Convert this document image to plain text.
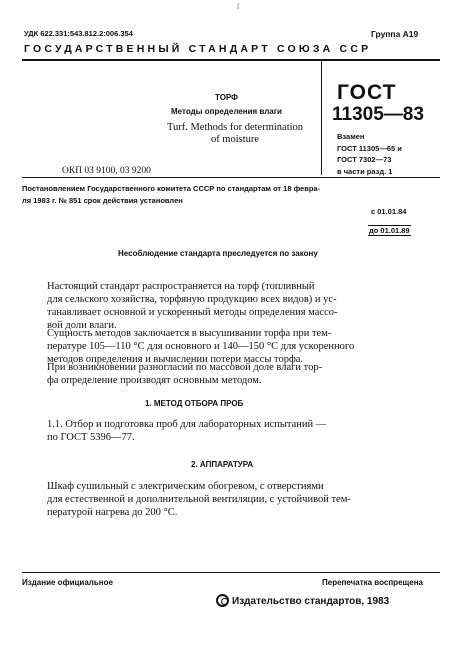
ſ
УДК 622.331:543.812.2:006.354	Группа А19
ГОСУДАРСТВЕННЫЙ СТАНДАРТ СОЮЗА ССР
ТОРФ
Методы определения влаги
Turf. Methods for determination
of moisture
ГОСТ
11305—83
Взамен
ГОСТ 11305—65 и
ГОСТ 7302—73
в части разд. 1
ОКП 03 9100, 03 9200
Постановлением Государственного комитета СССР по стандартам от 18 февра-
ля 1983 г. № 851 срок действия установлен
с 01.01.84
до 01.01.89
Несоблюдение стандарта преследуется по закону
Настоящий стандарт распространяется на торф (топливный
для сельского хозяйства, торфяную продукцию всех видов) и ус-
танавливает основной и ускоренный методы определения массо-
вой доли влаги.
Сущность методов заключается в высушивании торфа при тем-
пературе 105—110 °С для основного и 140—150 °С для ускоренного
методов определения и вычислении потери массы торфа.
При возникновении разногласий по массовой доле влаги тор-
фа определение производят основным методом.
1. МЕТОД ОТБОРА ПРОБ
1.1. Отбор и подготовка проб для лабораторных испытаний —
по ГОСТ 5396—77.
2. АППАРАТУРА
Шкаф сушильный с электрическим обогревом, с отверстиями
для естественной и дополнительной вентиляции, с устойчивой тем-
пературой нагрева до 200 °С.
Издание официальное	Перепечатка воспрещена
Издательство стандартов, 1983
